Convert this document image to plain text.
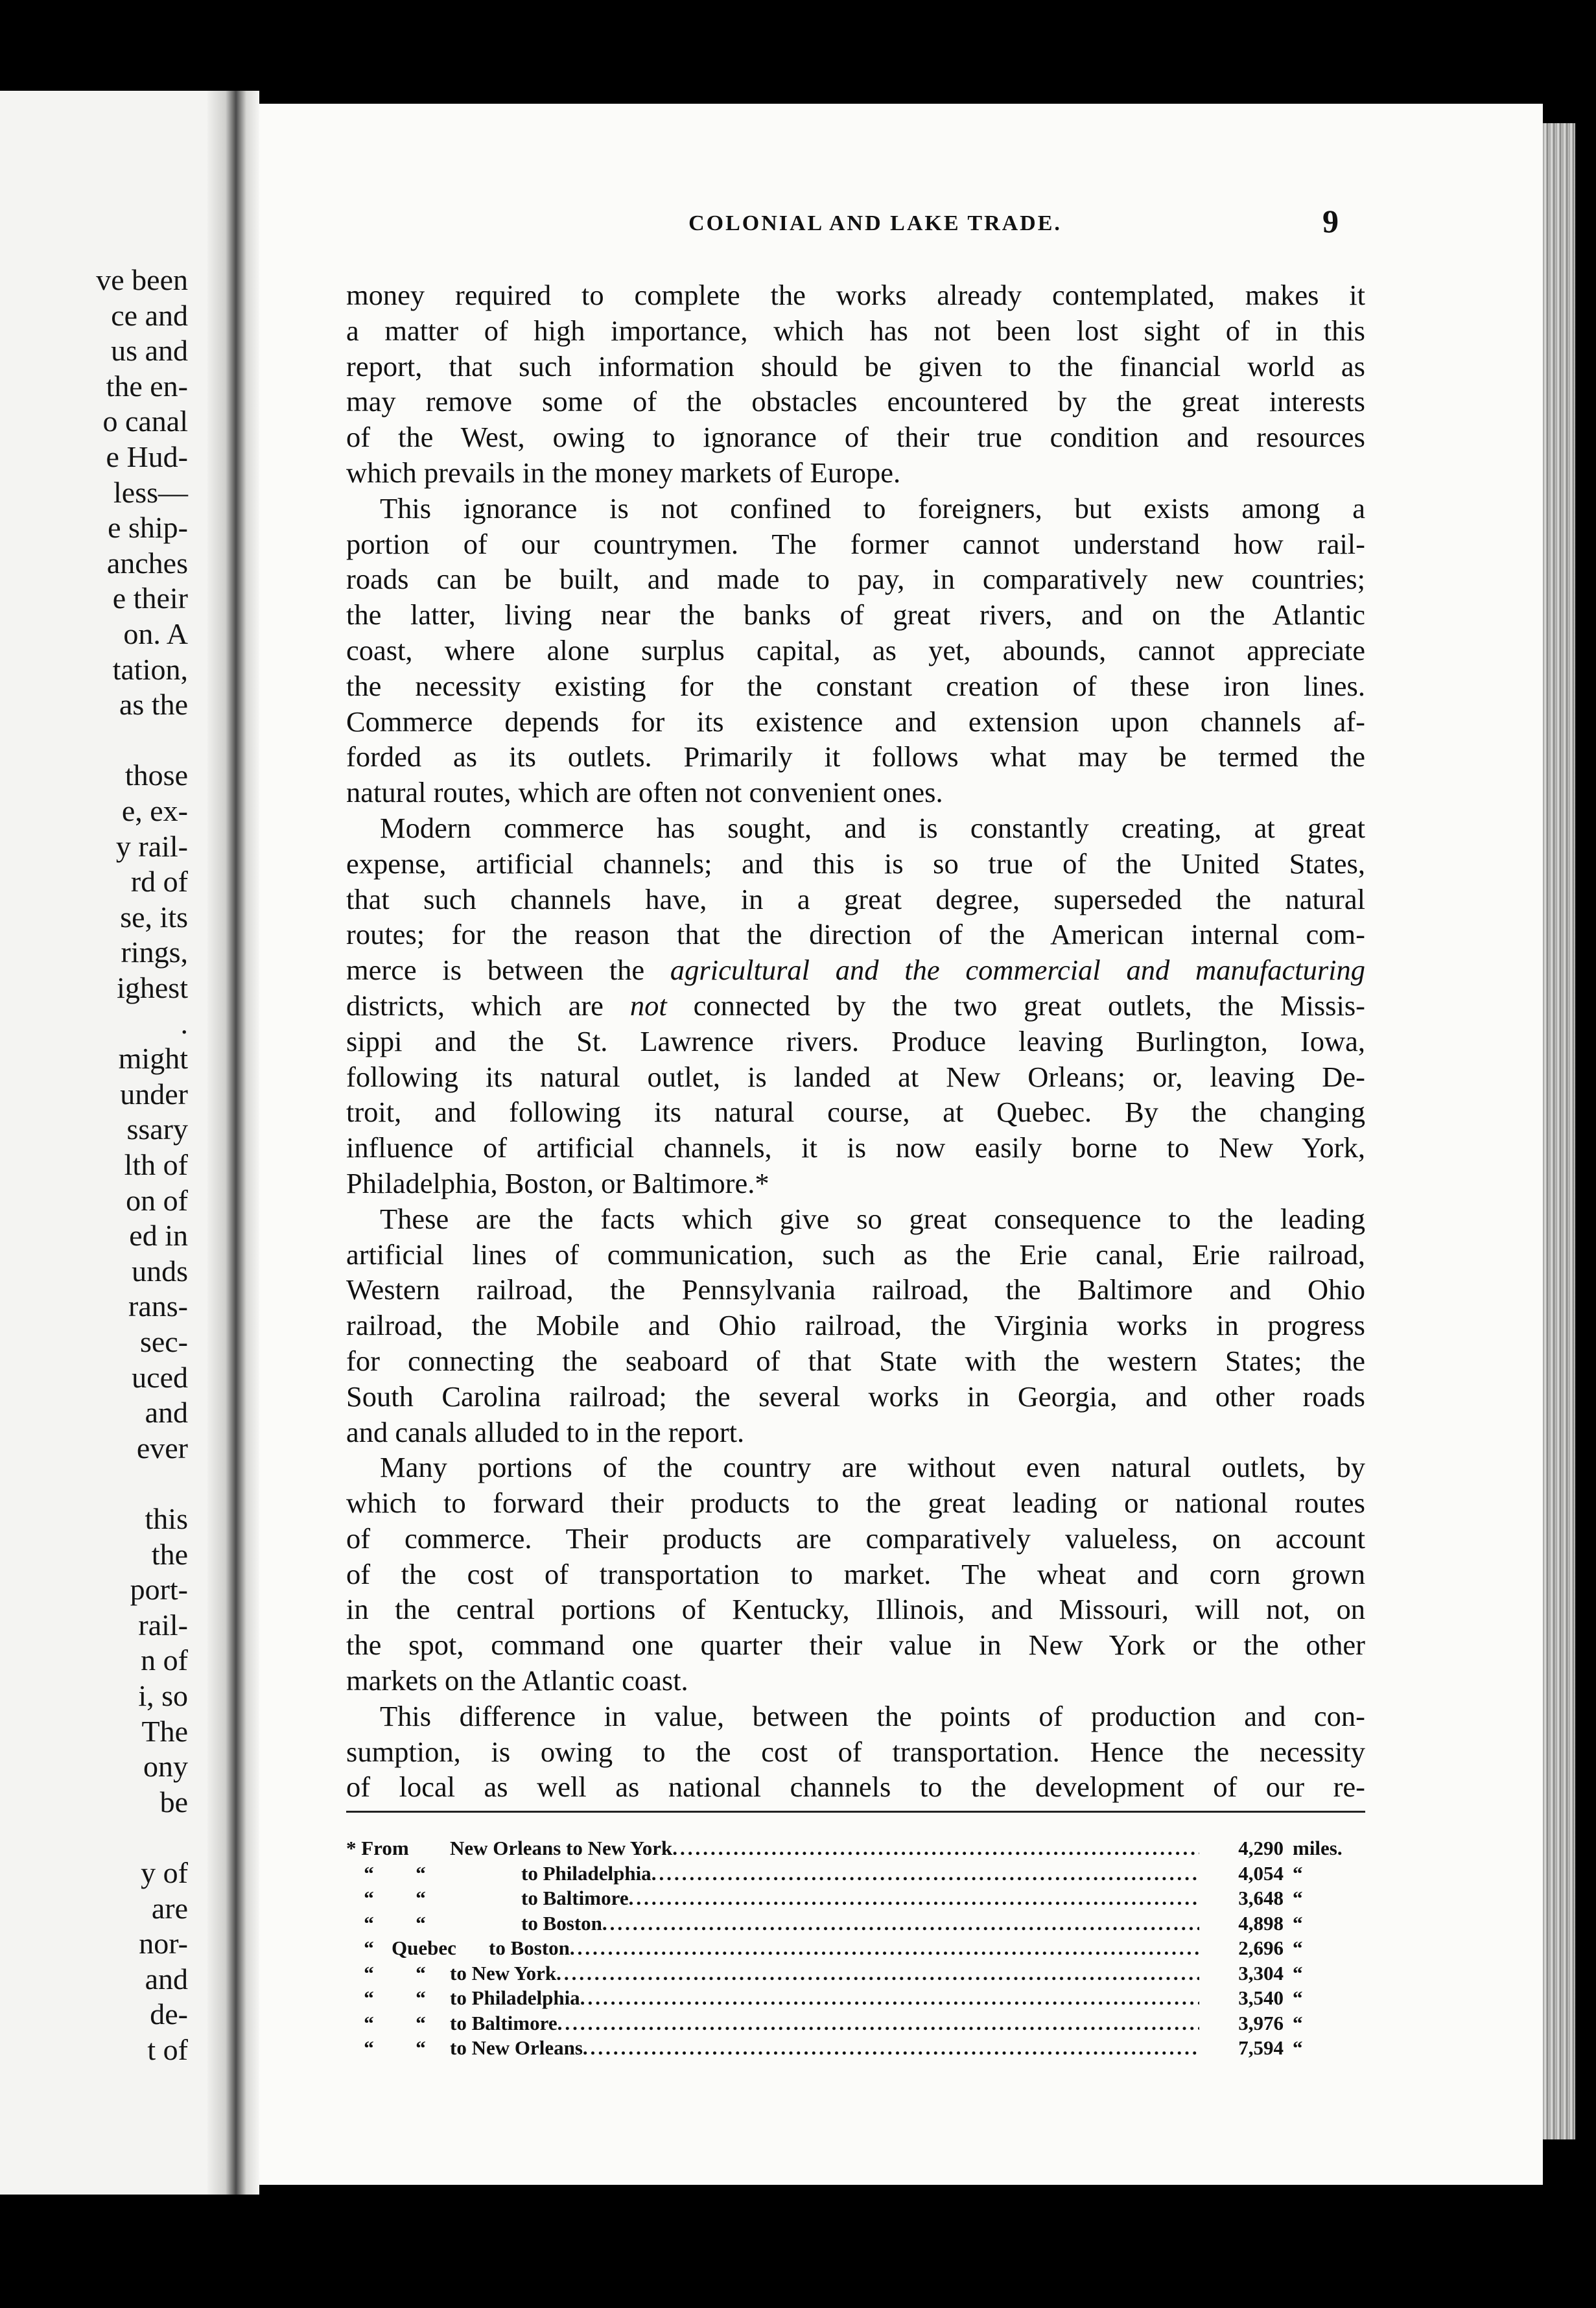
ve been
ce and
us and
the en-
o canal
e Hud-
less—
e ship-
anches
e their
on. A
tation,
as the
those
e, ex-
y rail-
rd of
se, its
rings,
ighest
.
might
under
ssary
lth of
on of
ed in
unds
rans-
sec-
uced
and
ever
this
the
port-
rail-
n of
i, so
The
ony
be
y of
are
nor-
and
de-
t of
COLONIAL AND LAKE TRADE.	9
money required to complete the works already contemplated, makes it
a matter of high importance, which has not been lost sight of in this
report, that such information should be given to the financial world as
may remove some of the obstacles encountered by the great interests
of the West, owing to ignorance of their true condition and resources
which prevails in the money markets of Europe.
This ignorance is not confined to foreigners, but exists among a
portion of our countrymen. The former cannot understand how rail-
roads can be built, and made to pay, in comparatively new countries;
the latter, living near the banks of great rivers, and on the Atlantic
coast, where alone surplus capital, as yet, abounds, cannot appreciate
the necessity existing for the constant creation of these iron lines.
Commerce depends for its existence and extension upon channels af-
forded as its outlets. Primarily it follows what may be termed the
natural routes, which are often not convenient ones.
Modern commerce has sought, and is constantly creating, at great
expense, artificial channels; and this is so true of the United States,
that such channels have, in a great degree, superseded the natural
routes; for the reason that the direction of the American internal com-
merce is between the agricultural and the commercial and manufacturing
districts, which are not connected by the two great outlets, the Missis-
sippi and the St. Lawrence rivers. Produce leaving Burlington, Iowa,
following its natural outlet, is landed at New Orleans; or, leaving De-
troit, and following its natural course, at Quebec. By the changing
influence of artificial channels, it is now easily borne to New York,
Philadelphia, Boston, or Baltimore.*
These are the facts which give so great consequence to the leading
artificial lines of communication, such as the Erie canal, Erie railroad,
Western railroad, the Pennsylvania railroad, the Baltimore and Ohio
railroad, the Mobile and Ohio railroad, the Virginia works in progress
for connecting the seaboard of that State with the western States; the
South Carolina railroad; the several works in Georgia, and other roads
and canals alluded to in the report.
Many portions of the country are without even natural outlets, by
which to forward their products to the great leading or national routes
of commerce. Their products are comparatively valueless, on account
of the cost of transportation to market. The wheat and corn grown
in the central portions of Kentucky, Illinois, and Missouri, will not, on
the spot, command one quarter their value in New York or the other
markets on the Atlantic coast.
This difference in value, between the points of production and con-
sumption, is owing to the cost of transportation. Hence the necessity
of local as well as national channels to the development of our re-
* From	New Orleans to New York .....	4,290 miles.
“	“	to Philadelphia .....	4,054 “
“	“	to Baltimore .....	3,648 “
“	“	to Boston .....	4,898 “
“ Quebec	to Boston .....	2,696 “
“	“	to New York .....	3,304 “
“	“	to Philadelphia .....	3,540 “
“	“	to Baltimore .....	3,976 “
“	“	to New Orleans .....	7,594 “
